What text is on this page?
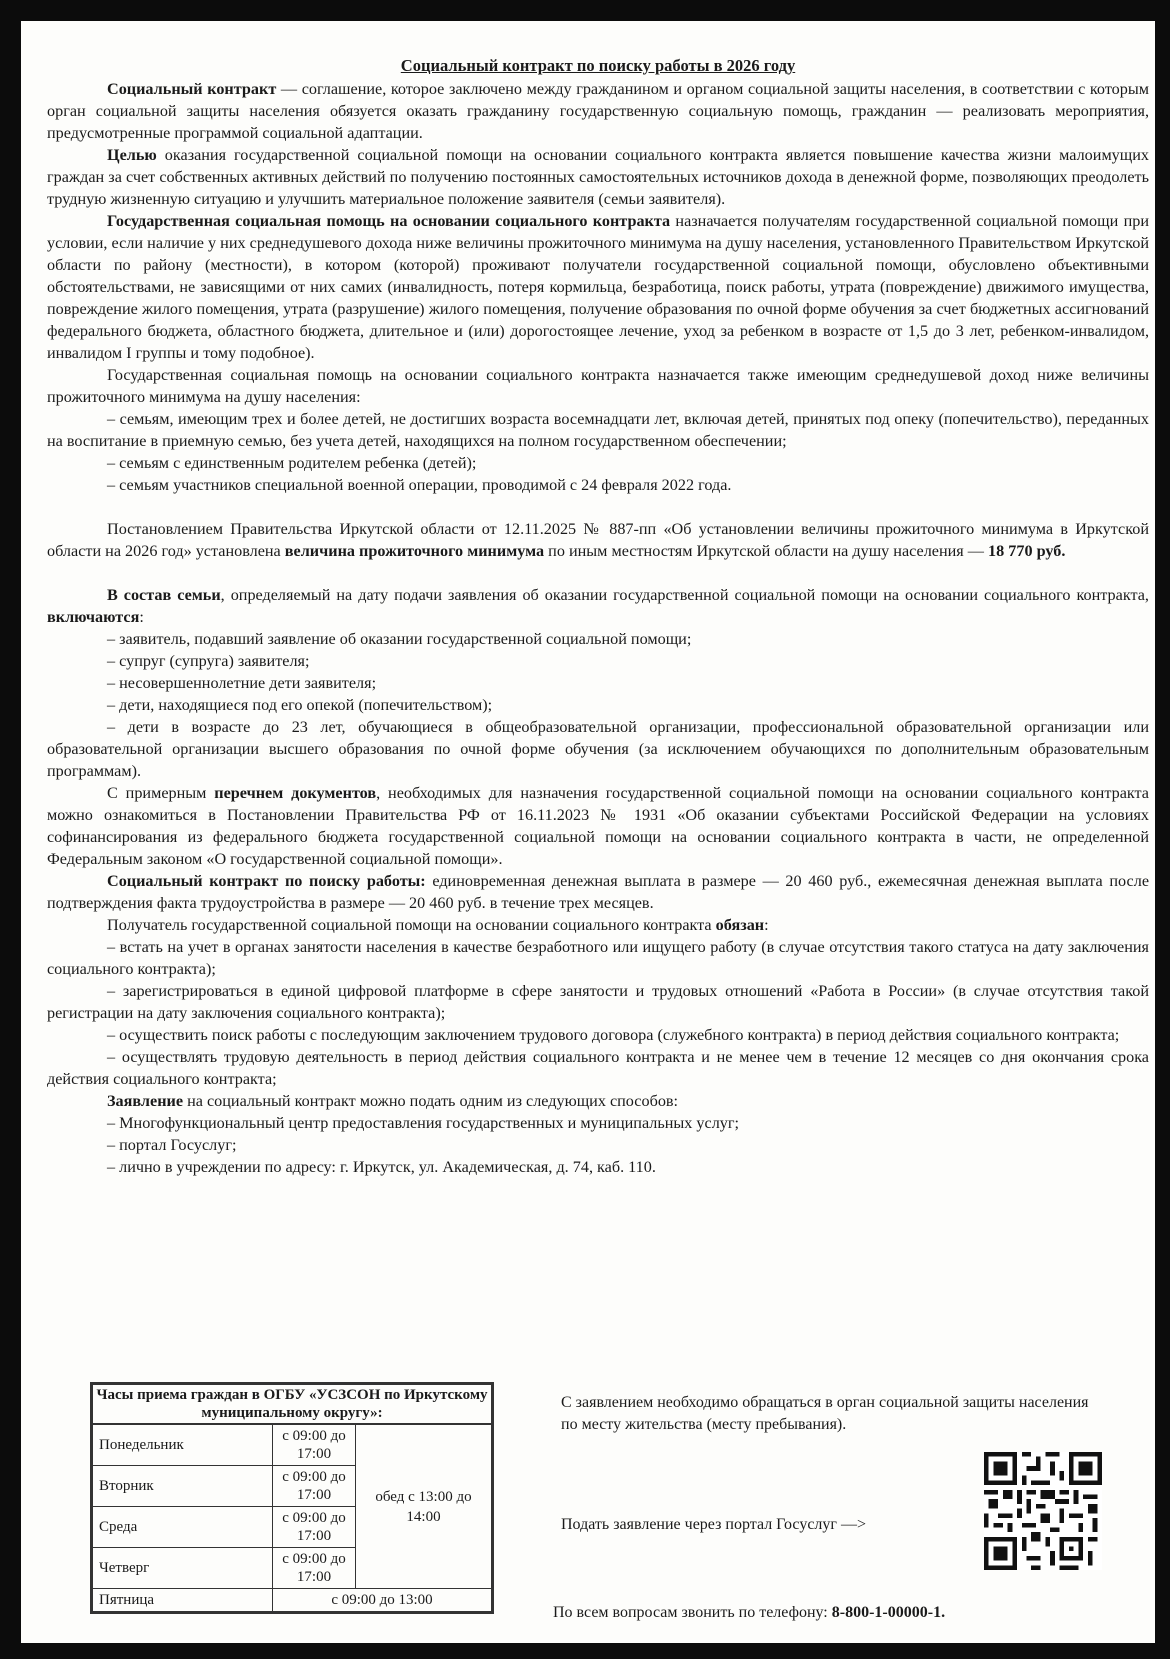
Социальный контракт по поиску работы в 2026 году

Социальный контракт — соглашение, которое заключено между гражданином и органом социальной защиты населения, в соответствии с которым орган социальной защиты населения обязуется оказать гражданину государственную социальную помощь, гражданин — реализовать мероприятия, предусмотренные программой социальной адаптации.

Целью оказания государственной социальной помощи на основании социального контракта является повышение качества жизни малоимущих граждан за счет собственных активных действий по получению постоянных самостоятельных источников дохода в денежной форме, позволяющих преодолеть трудную жизненную ситуацию и улучшить материальное положение заявителя (семьи заявителя).

Государственная социальная помощь на основании социального контракта назначается получателям государственной социальной помощи при условии, если наличие у них среднедушевого дохода ниже величины прожиточного минимума на душу населения, установленного Правительством Иркутской области по району (местности), в котором (которой) проживают получатели государственной социальной помощи, обусловлено объективными обстоятельствами, не зависящими от них самих (инвалидность, потеря кормильца, безработица, поиск работы, утрата (повреждение) движимого имущества, повреждение жилого помещения, утрата (разрушение) жилого помещения, получение образования по очной форме обучения за счет бюджетных ассигнований федерального бюджета, областного бюджета, длительное и (или) дорогостоящее лечение, уход за ребенком в возрасте от 1,5 до 3 лет, ребенком-инвалидом, инвалидом I группы и тому подобное).

Государственная социальная помощь на основании социального контракта назначается также имеющим среднедушевой доход ниже величины прожиточного минимума на душу населения:

– семьям, имеющим трех и более детей, не достигших возраста восемнадцати лет, включая детей, принятых под опеку (попечительство), переданных на воспитание в приемную семью, без учета детей, находящихся на полном государственном обеспечении;

– семьям с единственным родителем ребенка (детей);

– семьям участников специальной военной операции, проводимой с 24 февраля 2022 года.

Постановлением Правительства Иркутской области от 12.11.2025 № 887-пп «Об установлении величины прожиточного минимума в Иркутской области на 2026 год» установлена величина прожиточного минимума по иным местностям Иркутской области на душу населения — 18 770 руб.

В состав семьи, определяемый на дату подачи заявления об оказании государственной социальной помощи на основании социального контракта, включаются:

– заявитель, подавший заявление об оказании государственной социальной помощи;

– супруг (супруга) заявителя;

– несовершеннолетние дети заявителя;

– дети, находящиеся под его опекой (попечительством);

– дети в возрасте до 23 лет, обучающиеся в общеобразовательной организации, профессиональной образовательной организации или образовательной организации высшего образования по очной форме обучения (за исключением обучающихся по дополнительным образовательным программам).

С примерным перечнем документов, необходимых для назначения государственной социальной помощи на основании социального контракта можно ознакомиться в Постановлении Правительства РФ от 16.11.2023 № 1931 «Об оказании субъектами Российской Федерации на условиях софинансирования из федерального бюджета государственной социальной помощи на основании социального контракта в части, не определенной Федеральным законом «О государственной социальной помощи».

Социальный контракт по поиску работы: единовременная денежная выплата в размере — 20 460 руб., ежемесячная денежная выплата после подтверждения факта трудоустройства в размере — 20 460 руб. в течение трех месяцев.

Получатель государственной социальной помощи на основании социального контракта обязан:

– встать на учет в органах занятости населения в качестве безработного или ищущего работу (в случае отсутствия такого статуса на дату заключения социального контракта);

– зарегистрироваться в единой цифровой платформе в сфере занятости и трудовых отношений «Работа в России» (в случае отсутствия такой регистрации на дату заключения социального контракта);

– осуществить поиск работы с последующим заключением трудового договора (служебного контракта) в период действия социального контракта;

– осуществлять трудовую деятельность в период действия социального контракта и не менее чем в течение 12 месяцев со дня окончания срока действия социального контракта;

Заявление на социальный контракт можно подать одним из следующих способов:

– Многофункциональный центр предоставления государственных и муниципальных услуг;

– портал Госуслуг;

– лично в учреждении по адресу: г. Иркутск, ул. Академическая, д. 74, каб. 110.

Часы приема граждан в ОГБУ «УСЗСОН по Иркутскому муниципальному округу»:		
Понедельник	с 09:00 до 17:00	обед с 13:00 до 14:00
Вторник	с 09:00 до 17:00	
Среда	с 09:00 до 17:00	
Четверг	с 09:00 до 17:00	
Пятница	с 09:00 до 13:00	

С заявлением необходимо обращаться в орган социальной защиты населения по месту жительства (месту пребывания).

Подать заявление через портал Госуслуг —>
По всем вопросам звонить по телефону: 8-800-1-00000-1.
